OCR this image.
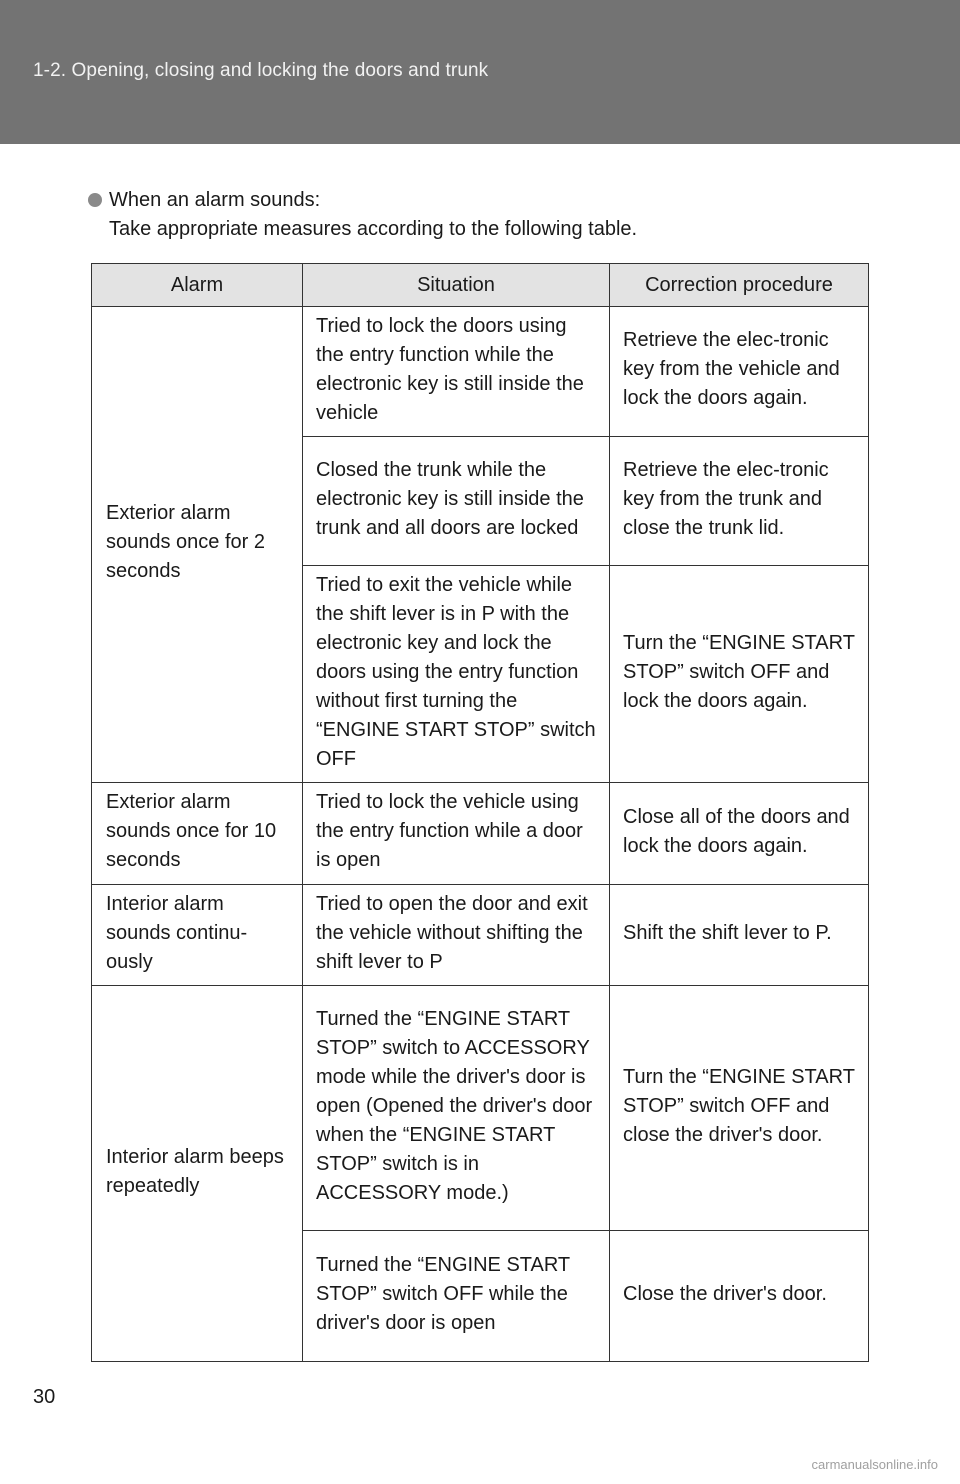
1-2. Opening, closing and locking the doors and trunk
When an alarm sounds:
Take appropriate measures according to the following table.
Alarm	Situation	Correction procedure
Exterior alarm sounds once for 2 seconds	Tried to lock the doors using the entry function while the electronic key is still inside the vehicle	Retrieve the elec-tronic key from the vehicle and lock the doors again.
	Closed the trunk while the electronic key is still inside the trunk and all doors are locked	Retrieve the elec-tronic key from the trunk and close the trunk lid.
	Tried to exit the vehicle while the shift lever is in P with the electronic key and lock the doors using the entry function without first turning the “ENGINE START STOP” switch OFF	Turn the “ENGINE START STOP” switch OFF and lock the doors again.
Exterior alarm sounds once for 10 seconds	Tried to lock the vehicle using the entry function while a door is open	Close all of the doors and lock the doors again.
Interior alarm sounds continu-ously	Tried to open the door and exit the vehicle without shifting the shift lever to P	Shift the shift lever to P.
Interior alarm beeps repeatedly	Turned the “ENGINE START STOP” switch to ACCESSORY mode while the driver's door is open (Opened the driver's door when the “ENGINE START STOP” switch is in ACCESSORY mode.)	Turn the “ENGINE START STOP” switch OFF and close the driver's door.
	Turned the “ENGINE START STOP” switch OFF while the driver's door is open	Close the driver's door.
30
carmanualsonline.info
